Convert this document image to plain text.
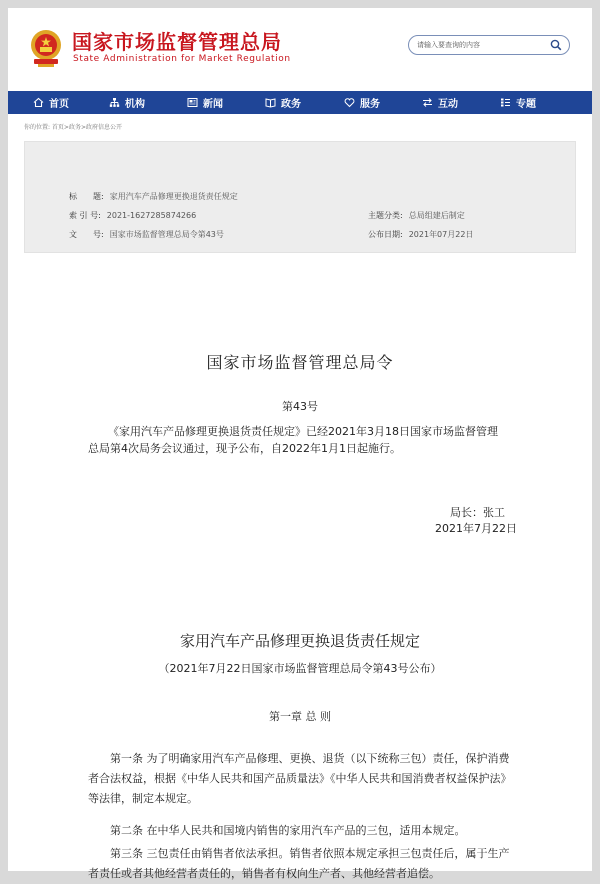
国家市场监督管理总局
State Administration for Market Regulation
请输入要查询的内容
首页	机构	新闻	政务	服务	互动	专题
你的位置: 首页>政务>政府信息公开
标　　题: 家用汽车产品修理更换退货责任规定
索 引 号: 2021-1627285874266
文　　号: 国家市场监督管理总局令第43号
主题分类: 总局组建后制定
公布日期: 2021年07月22日
国家市场监督管理总局令
第43号
《家用汽车产品修理更换退货责任规定》已经2021年3月18日国家市场监督管理
总局第4次局务会议通过，现予公布，自2022年1月1日起施行。
局长：张工
2021年7月22日
家用汽车产品修理更换退货责任规定
（2021年7月22日国家市场监督管理总局令第43号公布）
第一章 总 则
第一条 为了明确家用汽车产品修理、更换、退货（以下统称三包）责任，保护消费者合法权益，根据《中华人民共和国产品质量法》《中华人民共和国消费者权益保护法》等法律，制定本规定。
第二条 在中华人民共和国境内销售的家用汽车产品的三包，适用本规定。
第三条 三包责任由销售者依法承担。销售者依照本规定承担三包责任后，属于生产者责任或者其他经营者责任的，销售者有权向生产者、其他经营者追偿。
